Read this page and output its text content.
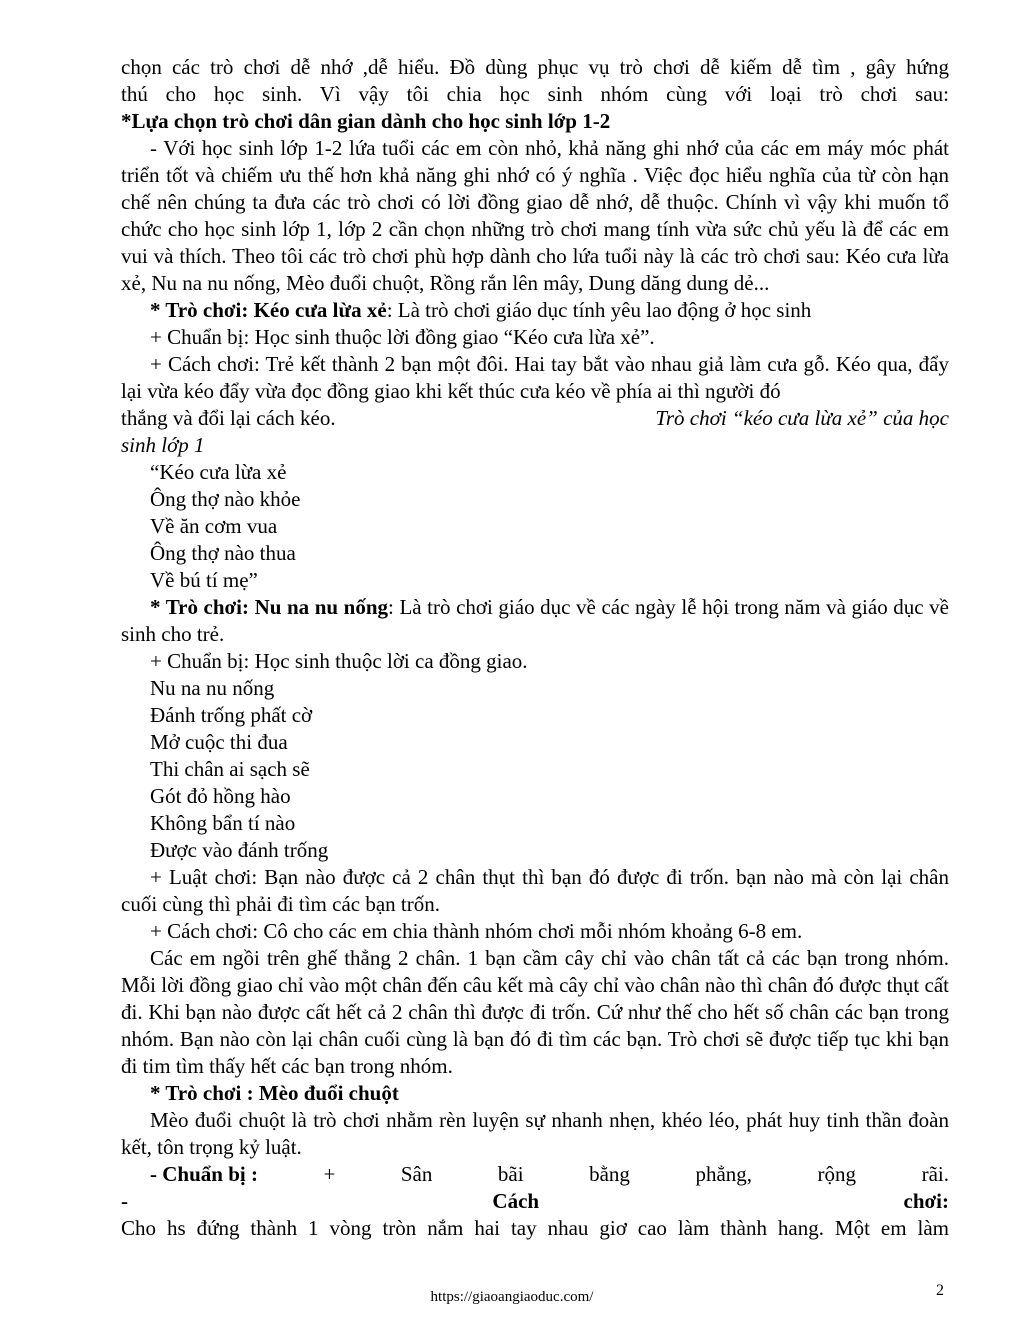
chọn các trò chơi dễ nhớ ,dễ hiểu. Đồ dùng phục vụ trò chơi dễ kiếm dễ tìm , gây hứng

thú cho học sinh. Vì vậy tôi chia học sinh nhóm cùng với loại trò chơi sau:

*Lựa chọn trò chơi dân gian dành cho học sinh lớp 1-2

- Với học sinh lớp 1-2 lứa tuổi các em còn nhỏ, khả năng ghi nhớ của các em máy móc phát triển tốt và chiếm ưu thế hơn khả năng ghi nhớ có ý nghĩa . Việc đọc hiểu nghĩa của từ còn hạn chế nên chúng ta đưa các trò chơi có lời đồng giao dễ nhớ, dễ thuộc. Chính vì vậy khi muốn tổ chức cho học sinh lớp 1, lớp 2 cần chọn những trò chơi mang tính vừa sức chủ yếu là để các em vui và thích. Theo tôi các trò chơi phù hợp dành cho lứa tuổi này là các trò chơi sau: Kéo cưa lừa xẻ, Nu na nu nống, Mèo đuổi chuột, Rồng rắn lên mây, Dung dăng dung dẻ...

* Trò chơi: Kéo cưa lừa xẻ: Là trò chơi giáo dục tính yêu lao động ở học sinh

+ Chuẩn bị: Học sinh thuộc lời đồng giao “Kéo cưa lừa xẻ”.

+ Cách chơi: Trẻ kết thành 2 bạn một đôi. Hai tay bắt vào nhau giả làm cưa gỗ. Kéo qua, đẩy lại vừa kéo đẩy vừa đọc đồng giao khi kết thúc cưa kéo về phía ai thì người đó

thắng và đổi lại cách kéo.	Trò chơi “kéo cưa lừa xẻ” của học

sinh lớp 1

“Kéo cưa lừa xẻ
Ông thợ nào khỏe
Về ăn cơm vua
Ông thợ nào thua
Về bú tí mẹ”

* Trò chơi: Nu na nu nống: Là trò chơi giáo dục về các ngày lễ hội trong năm và giáo dục về sinh cho trẻ.

+ Chuẩn bị: Học sinh thuộc lời ca đồng giao.

Nu na nu nống
Đánh trống phất cờ
Mở cuộc thi đua
Thi chân ai sạch sẽ
Gót đỏ hồng hào
Không bẩn tí nào
Được vào đánh trống

+ Luật chơi: Bạn nào được cả 2 chân thụt thì bạn đó được đi trốn. bạn nào mà còn lại chân cuối cùng thì phải đi tìm các bạn trốn.

+ Cách chơi: Cô cho các em chia thành nhóm chơi mỗi nhóm khoảng 6-8 em.

Các em ngồi trên ghế thẳng 2 chân. 1 bạn cầm cây chỉ vào chân tất cả các bạn trong nhóm. Mỗi lời đồng giao chỉ vào một chân đến câu kết mà cây chỉ vào chân nào thì chân đó được thụt cất đi. Khi bạn nào được cất hết cả 2 chân thì được đi trốn. Cứ như thế cho hết số chân các bạn trong nhóm. Bạn nào còn lại chân cuối cùng là bạn đó đi tìm các bạn. Trò chơi sẽ được tiếp tục khi bạn đi tim tìm thấy hết các bạn trong nhóm.

* Trò chơi : Mèo đuổi chuột

Mèo đuổi chuột là trò chơi nhằm rèn luyện sự nhanh nhẹn, khéo léo, phát huy tinh thần đoàn kết, tôn trọng kỷ luật.

- Chuẩn bị :	+	Sân	bãi	bằng	phẳng,	rộng	rãi.
-	Cách	chơi:

Cho hs đứng thành 1 vòng tròn nắm hai tay nhau giơ cao làm thành hang. Một em làm

https://giaoangiaoduc.com/	2
